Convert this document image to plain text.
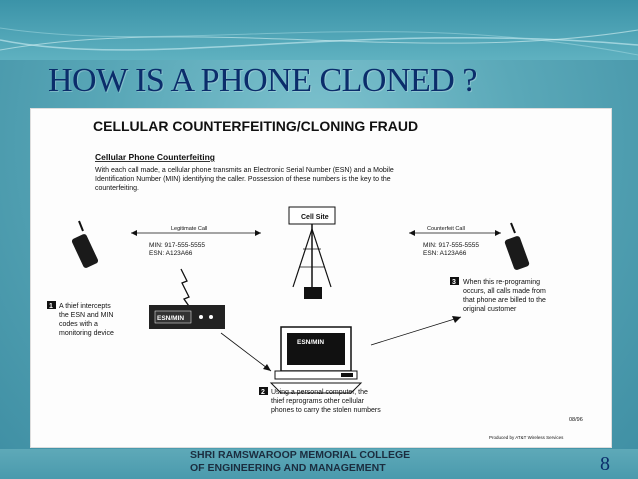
HOW IS A PHONE CLONED ?
CELLULAR COUNTERFEITING/CLONING FRAUD
Cellular Phone Counterfeiting
With each call made, a cellular phone transmits an Electronic Serial Number (ESN) and a Mobile
Identification Number (MIN) identifying the caller. Possession of these numbers is the key to the
counterfeiting.
Cell Site
Legitimate Call
MIN: 917-555-5555
ESN: A123A66
Counterfeit Call
MIN: 917-555-5555
ESN: A123A66
ESN/MIN
1 A thief intercepts
the ESN and MIN
codes with a
monitoring device
ESN/MIN
2 Using a personal computer, the
thief reprograms other cellular
phones to carry the stolen numbers
3 When this re-programing
occurs, all calls made from
that phone are billed to the
original customer
08/96
Produced by AT&T Wireless Services
SHRI RAMSWAROOP MEMORIAL COLLEGE
OF ENGINEERING AND MANAGEMENT	8
